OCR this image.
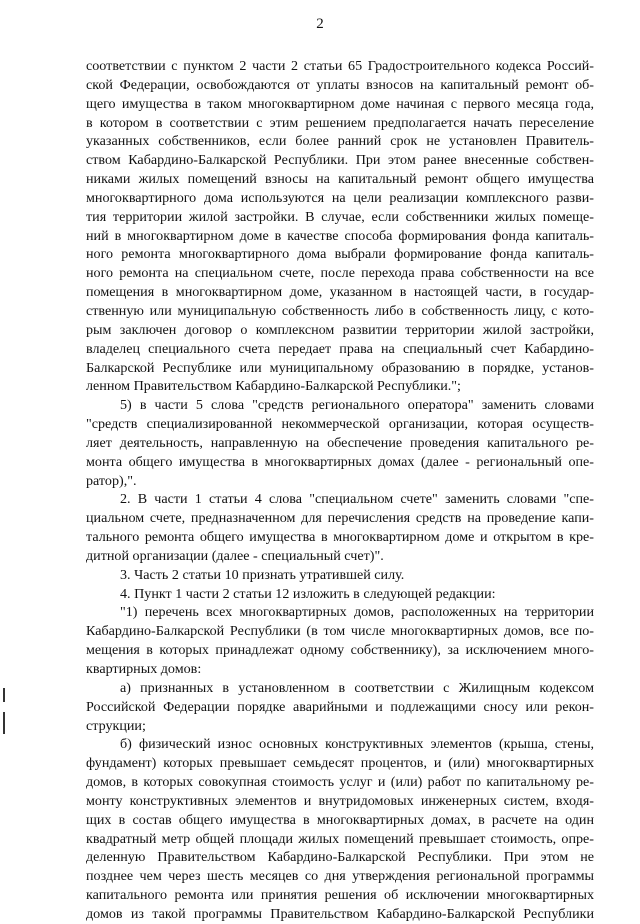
2

соответствии с пунктом 2 части 2 статьи 65 Градостроительного кодекса Россий-

ской Федерации, освобождаются от уплаты взносов на капитальный ремонт об-

щего имущества в таком многоквартирном доме начиная с первого месяца года,

в котором в соответствии с этим решением предполагается начать переселение

указанных собственников, если более ранний срок не установлен Правитель-

ством Кабардино-Балкарской Республики. При этом ранее внесенные собствен-

никами жилых помещений взносы на капитальный ремонт общего имущества

многоквартирного дома используются на цели реализации комплексного разви-

тия территории жилой застройки. В случае, если собственники жилых помеще-

ний в многоквартирном доме в качестве способа формирования фонда капиталь-

ного ремонта многоквартирного дома выбрали формирование фонда капиталь-

ного ремонта на специальном счете, после перехода права собственности на все

помещения в многоквартирном доме, указанном в настоящей части, в государ-

ственную или муниципальную собственность либо в собственность лицу, с кото-

рым заключен договор о комплексном развитии территории жилой застройки,

владелец специального счета передает права на специальный счет Кабардино-

Балкарской Республике или муниципальному образованию в порядке, установ-

ленном Правительством Кабардино-Балкарской Республики.";

5) в части 5 слова "средств регионального оператора" заменить словами

"средств специализированной некоммерческой организации, которая осуществ-

ляет деятельность, направленную на обеспечение проведения капитального ре-

монта общего имущества в многоквартирных домах (далее - региональный опе-

ратор),".

2. В части 1 статьи 4 слова "специальном счете" заменить словами "спе-

циальном счете, предназначенном для перечисления средств на проведение капи-

тального ремонта общего имущества в многоквартирном доме и открытом в кре-

дитной организации (далее - специальный счет)".

3. Часть 2 статьи 10 признать утратившей силу.

4. Пункт 1 части 2 статьи 12 изложить в следующей редакции:

"1) перечень всех многоквартирных домов, расположенных на территории

Кабардино-Балкарской Республики (в том числе многоквартирных домов, все по-

мещения в которых принадлежат одному собственнику), за исключением много-

квартирных домов:

а) признанных в установленном в соответствии с Жилищным кодексом

Российской Федерации порядке аварийными и подлежащими сносу или рекон-

струкции;

б) физический износ основных конструктивных элементов (крыша, стены,

фундамент) которых превышает семьдесят процентов, и (или) многоквартирных

домов, в которых совокупная стоимость услуг и (или) работ по капитальному ре-

монту конструктивных элементов и внутридомовых инженерных систем, входя-

щих в состав общего имущества в многоквартирных домах, в расчете на один

квадратный метр общей площади жилых помещений превышает стоимость, опре-

деленную Правительством Кабардино-Балкарской Республики. При этом не

позднее чем через шесть месяцев со дня утверждения региональной программы

капитального ремонта или принятия решения об исключении многоквартирных

домов из такой программы Правительством Кабардино-Балкарской Республики
